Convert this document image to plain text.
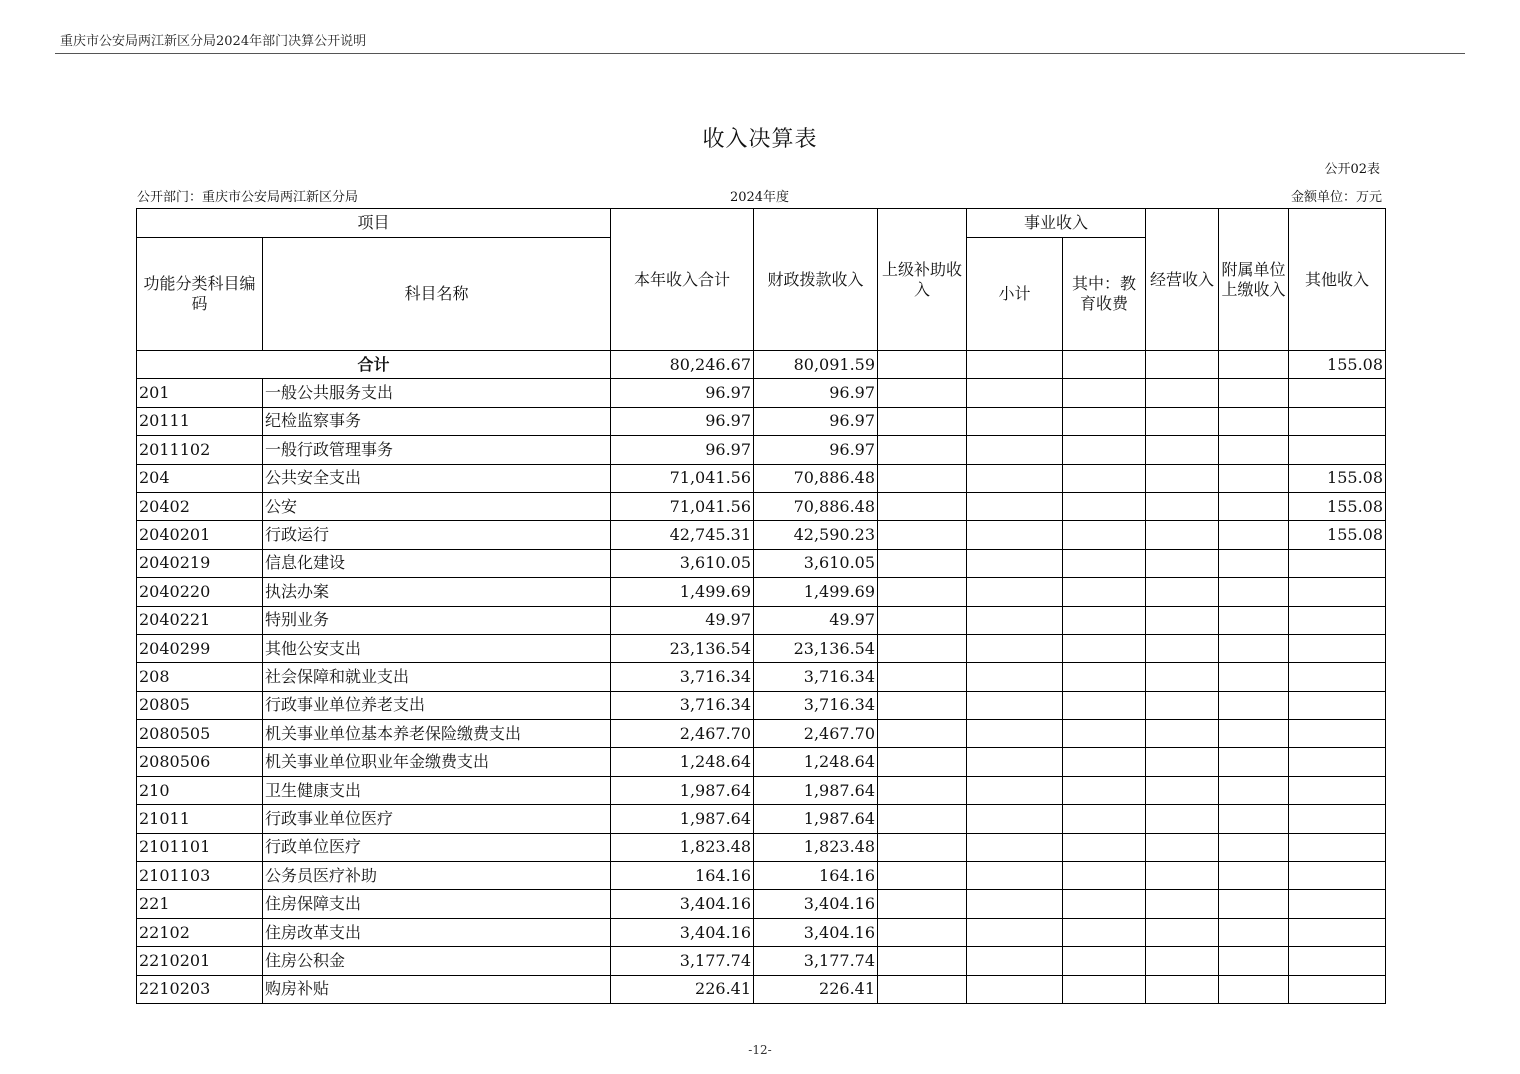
重庆市公安局两江新区分局2024年部门决算公开说明
收入决算表
公开02表
公开部门：重庆市公安局两江新区分局	2024年度	金额单位：万元
项目		本年收入合计	财政拨款收入	上级补助收入	事业收入		经营收入	附属单位上缴收入	其他收入
功能分类科目编码	科目名称				小计	其中：教育收费			
合计		80,246.67	80,091.59						155.08
201	一般公共服务支出	96.97	96.97						
20111	纪检监察事务	96.97	96.97						
2011102	一般行政管理事务	96.97	96.97						
204	公共安全支出	71,041.56	70,886.48						155.08
20402	公安	71,041.56	70,886.48						155.08
2040201	行政运行	42,745.31	42,590.23						155.08
2040219	信息化建设	3,610.05	3,610.05						
2040220	执法办案	1,499.69	1,499.69						
2040221	特别业务	49.97	49.97						
2040299	其他公安支出	23,136.54	23,136.54						
208	社会保障和就业支出	3,716.34	3,716.34						
20805	行政事业单位养老支出	3,716.34	3,716.34						
2080505	机关事业单位基本养老保险缴费支出	2,467.70	2,467.70						
2080506	机关事业单位职业年金缴费支出	1,248.64	1,248.64						
210	卫生健康支出	1,987.64	1,987.64						
21011	行政事业单位医疗	1,987.64	1,987.64						
2101101	行政单位医疗	1,823.48	1,823.48						
2101103	公务员医疗补助	164.16	164.16						
221	住房保障支出	3,404.16	3,404.16						
22102	住房改革支出	3,404.16	3,404.16						
2210201	住房公积金	3,177.74	3,177.74						
2210203	购房补贴	226.41	226.41						
-12-
